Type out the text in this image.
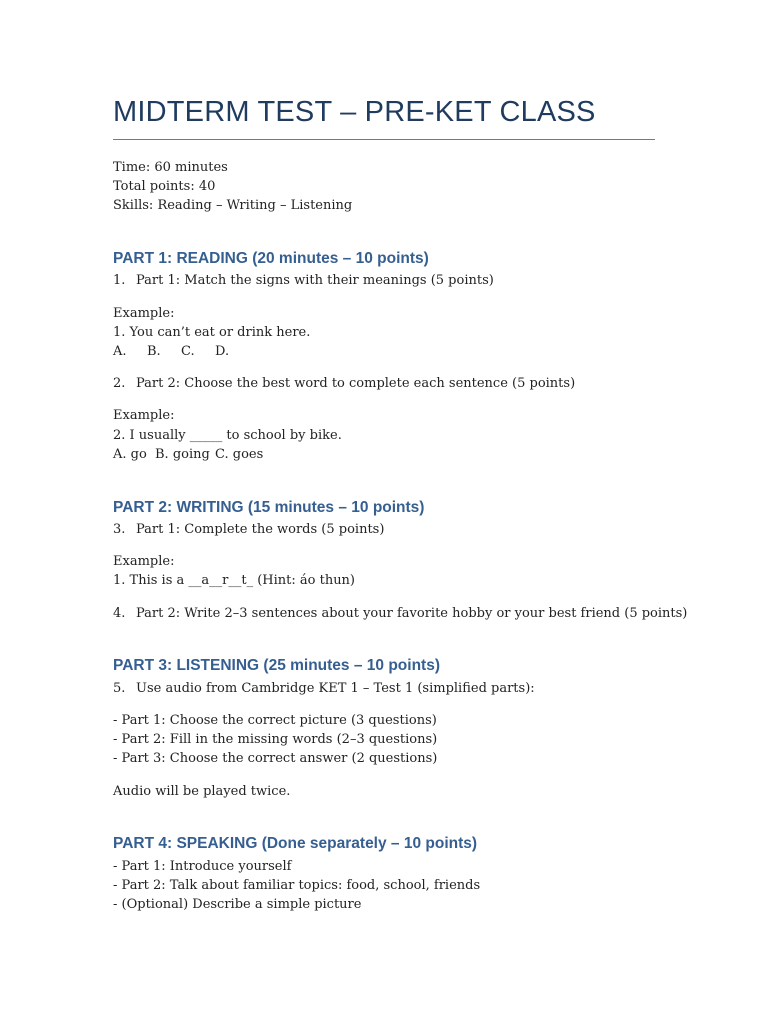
MIDTERM TEST – PRE-KET CLASS
Time: 60 minutes
Total points: 40
Skills: Reading – Writing – Listening
PART 1: READING (20 minutes – 10 points)
1. Part 1: Match the signs with their meanings (5 points)
Example:
1. You can’t eat or drink here.
A. B. C. D.
2. Part 2: Choose the best word to complete each sentence (5 points)
Example:
2. I usually _____ to school by bike.
A. go B. going C. goes
PART 2: WRITING (15 minutes – 10 points)
3. Part 1: Complete the words (5 points)
Example:
1. This is a __a__r__t_ (Hint: áo thun)
4. Part 2: Write 2–3 sentences about your favorite hobby or your best friend (5 points)
PART 3: LISTENING (25 minutes – 10 points)
5. Use audio from Cambridge KET 1 – Test 1 (simplified parts):
- Part 1: Choose the correct picture (3 questions)
- Part 2: Fill in the missing words (2–3 questions)
- Part 3: Choose the correct answer (2 questions)
Audio will be played twice.
PART 4: SPEAKING (Done separately – 10 points)
- Part 1: Introduce yourself
- Part 2: Talk about familiar topics: food, school, friends
- (Optional) Describe a simple picture
